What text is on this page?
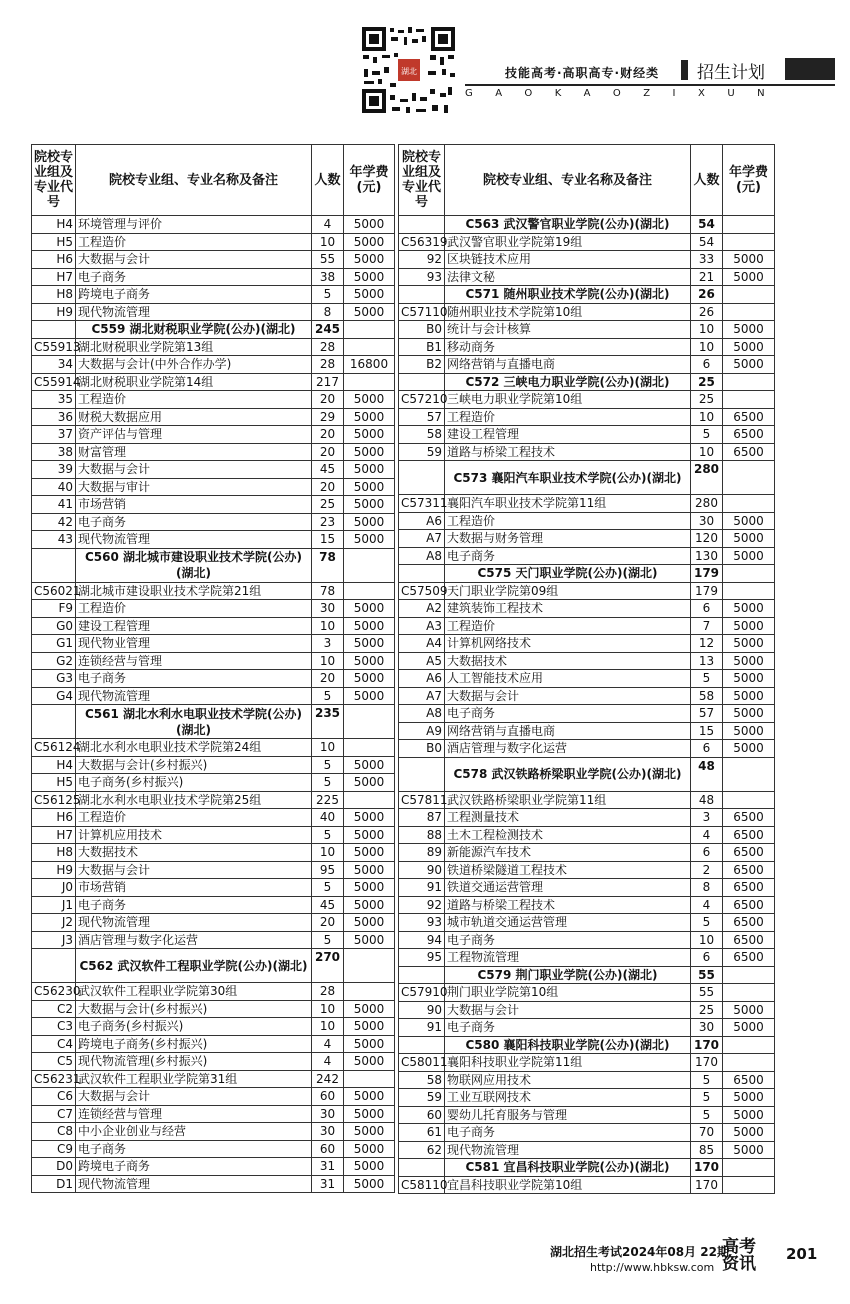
湖北	技能高考·高职高专·财经类 招生计划
GAOKAOZIXUN
院校专业组及专业代号	院校专业组、专业名称及备注	人数	年学费(元)
H4	环境管理与评价	4	5000
H5	工程造价	10	5000
H6	大数据与会计	55	5000
H7	电子商务	38	5000
H8	跨境电子商务	5	5000
H9	现代物流管理	8	5000
	C559 湖北财税职业学院(公办)(湖北)	245	
C55913	湖北财税职业学院第13组	28	
34	大数据与会计(中外合作办学)	28	16800
C55914	湖北财税职业学院第14组	217	
35	工程造价	20	5000
36	财税大数据应用	29	5000
37	资产评估与管理	20	5000
38	财富管理	20	5000
39	大数据与会计	45	5000
40	大数据与审计	20	5000
41	市场营销	25	5000
42	电子商务	23	5000
43	现代物流管理	15	5000
	C560 湖北城市建设职业技术学院(公办)(湖北)	78	
C56021	湖北城市建设职业技术学院第21组	78	
F9	工程造价	30	5000
G0	建设工程管理	10	5000
G1	现代物业管理	3	5000
G2	连锁经营与管理	10	5000
G3	电子商务	20	5000
G4	现代物流管理	5	5000
	C561 湖北水利水电职业技术学院(公办)(湖北)	235	
C56124	湖北水利水电职业技术学院第24组	10	
H4	大数据与会计(乡村振兴)	5	5000
H5	电子商务(乡村振兴)	5	5000
C56125	湖北水利水电职业技术学院第25组	225	
H6	工程造价	40	5000
H7	计算机应用技术	5	5000
H8	大数据技术	10	5000
H9	大数据与会计	95	5000
J0	市场营销	5	5000
J1	电子商务	45	5000
J2	现代物流管理	20	5000
J3	酒店管理与数字化运营	5	5000
	C562 武汉软件工程职业学院(公办)(湖北)	270	
C56230	武汉软件工程职业学院第30组	28	
C2	大数据与会计(乡村振兴)	10	5000
C3	电子商务(乡村振兴)	10	5000
C4	跨境电子商务(乡村振兴)	4	5000
C5	现代物流管理(乡村振兴)	4	5000
C56231	武汉软件工程职业学院第31组	242	
C6	大数据与会计	60	5000
C7	连锁经营与管理	30	5000
C8	中小企业创业与经营	30	5000
C9	电子商务	60	5000
D0	跨境电子商务	31	5000
D1	现代物流管理	31	5000
院校专业组及专业代号	院校专业组、专业名称及备注	人数	年学费(元)
	C563 武汉警官职业学院(公办)(湖北)	54	
C56319	武汉警官职业学院第19组	54	
92	区块链技术应用	33	5000
93	法律文秘	21	5000
	C571 随州职业技术学院(公办)(湖北)	26	
C57110	随州职业技术学院第10组	26	
B0	统计与会计核算	10	5000
B1	移动商务	10	5000
B2	网络营销与直播电商	6	5000
	C572 三峡电力职业学院(公办)(湖北)	25	
C57210	三峡电力职业学院第10组	25	
57	工程造价	10	6500
58	建设工程管理	5	6500
59	道路与桥梁工程技术	10	6500
	C573 襄阳汽车职业技术学院(公办)(湖北)	280	
C57311	襄阳汽车职业技术学院第11组	280	
A6	工程造价	30	5000
A7	大数据与财务管理	120	5000
A8	电子商务	130	5000
	C575 天门职业学院(公办)(湖北)	179	
C57509	天门职业学院第09组	179	
A2	建筑装饰工程技术	6	5000
A3	工程造价	7	5000
A4	计算机网络技术	12	5000
A5	大数据技术	13	5000
A6	人工智能技术应用	5	5000
A7	大数据与会计	58	5000
A8	电子商务	57	5000
A9	网络营销与直播电商	15	5000
B0	酒店管理与数字化运营	6	5000
	C578 武汉铁路桥梁职业学院(公办)(湖北)	48	
C57811	武汉铁路桥梁职业学院第11组	48	
87	工程测量技术	3	6500
88	土木工程检测技术	4	6500
89	新能源汽车技术	6	6500
90	铁道桥梁隧道工程技术	2	6500
91	铁道交通运营管理	8	6500
92	道路与桥梁工程技术	4	6500
93	城市轨道交通运营管理	5	6500
94	电子商务	10	6500
95	工程物流管理	6	6500
	C579 荆门职业学院(公办)(湖北)	55	
C57910	荆门职业学院第10组	55	
90	大数据与会计	25	5000
91	电子商务	30	5000
	C580 襄阳科技职业学院(公办)(湖北)	170	
C58011	襄阳科技职业学院第11组	170	
58	物联网应用技术	5	6500
59	工业互联网技术	5	5000
60	婴幼儿托育服务与管理	5	5000
61	电子商务	70	5000
62	现代物流管理	85	5000
	C581 宜昌科技职业学院(公办)(湖北)	170	
C58110	宜昌科技职业学院第10组	170	
湖北招生考试2024年08月 22期
http://www.hbksw.com
高考资讯	201
